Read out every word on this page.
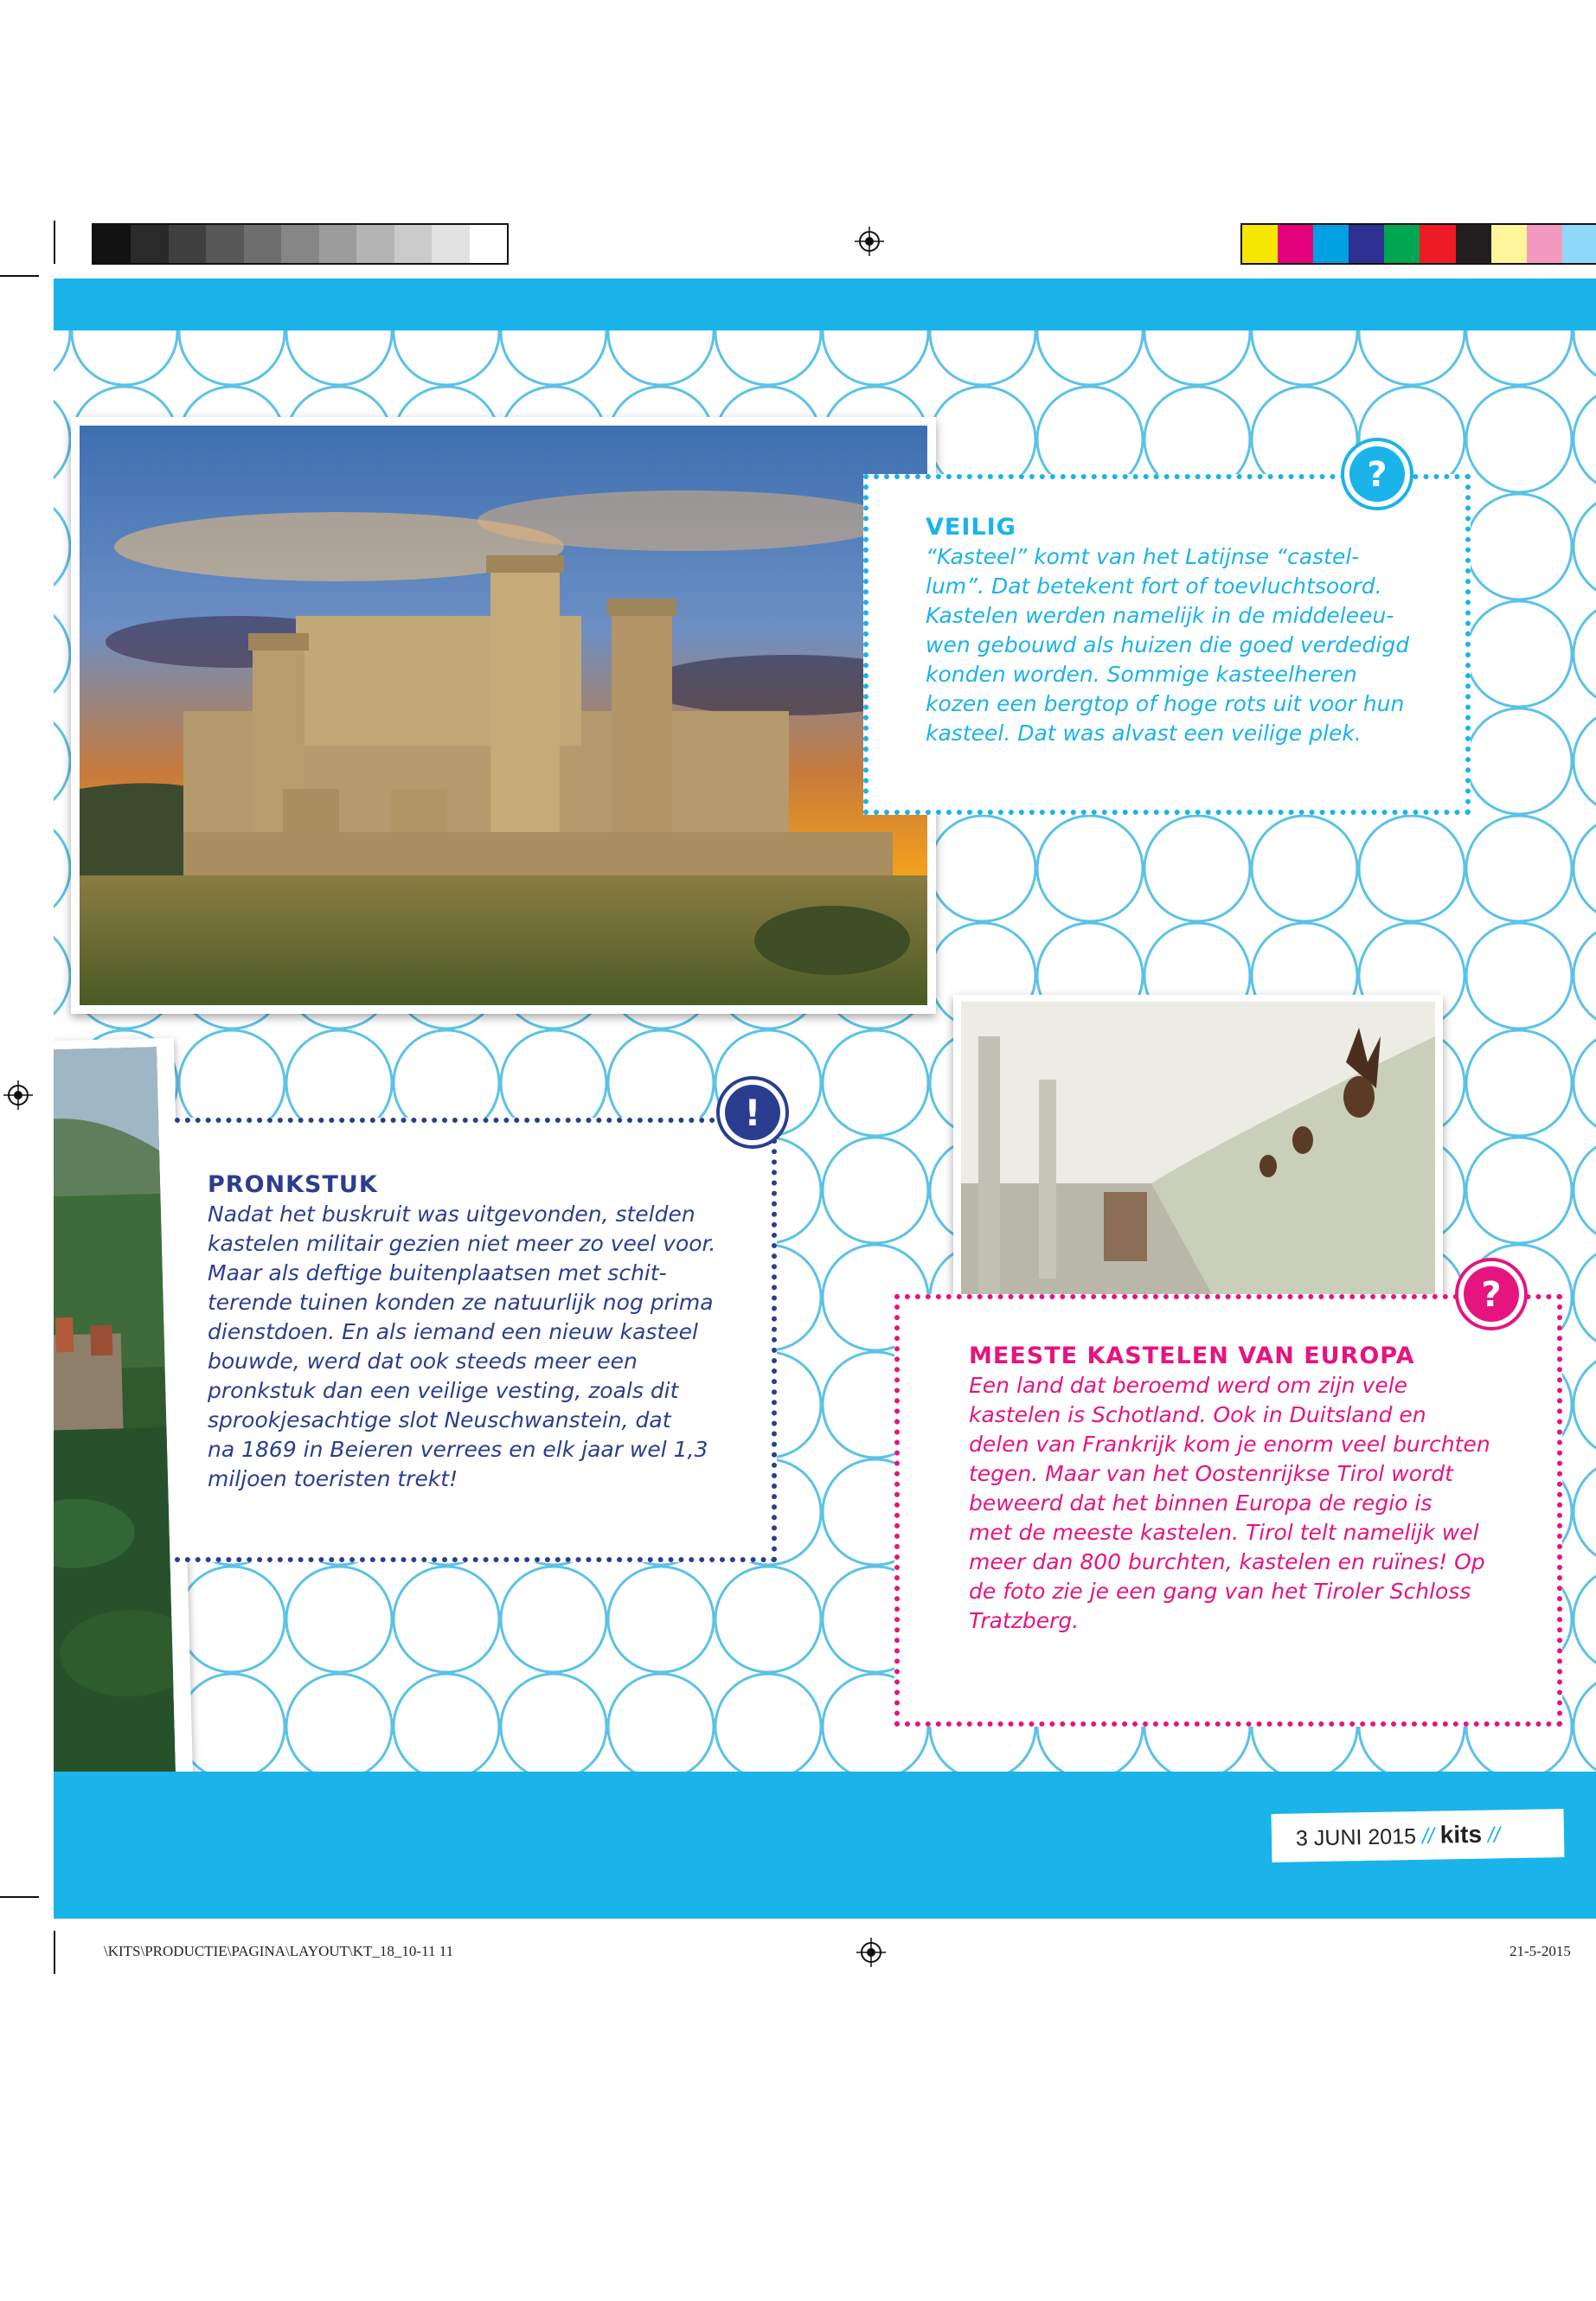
\KITS\PRODUCTIE\PAGINA\LAYOUT\KT_18_10-11 11	21-5-2015
VEILIG

“Kasteel” komt van het Latijnse “castel-
lum”. Dat betekent fort of toevluchtsoord.
Kastelen werden namelijk in de middeleeu-
wen gebouwd als huizen die goed verdedigd
konden worden. Sommige kasteelheren
kozen een bergtop of hoge rots uit voor hun
kasteel. Dat was alvast een veilige plek.

?
PRONKSTUK

Nadat het buskruit was uitgevonden, stelden
kastelen militair gezien niet meer zo veel voor.
Maar als deftige buitenplaatsen met schit-
terende tuinen konden ze natuurlijk nog prima
dienstdoen. En als iemand een nieuw kasteel
bouwde, werd dat ook steeds meer een
pronkstuk dan een veilige vesting, zoals dit
sprookjesachtige slot Neuschwanstein, dat
na 1869 in Beieren verrees en elk jaar wel 1,3
miljoen toeristen trekt!

!
MEESTE KASTELEN VAN EUROPA

Een land dat beroemd werd om zijn vele
kastelen is Schotland. Ook in Duitsland en
delen van Frankrijk kom je enorm veel burchten
tegen. Maar van het Oostenrijkse Tirol wordt
beweerd dat het binnen Europa de regio is
met de meeste kastelen. Tirol telt namelijk wel
meer dan 800 burchten, kastelen en ruïnes! Op
de foto zie je een gang van het Tiroler Schloss
Tratzberg.

?
3 JUNI 2015 // kits //
